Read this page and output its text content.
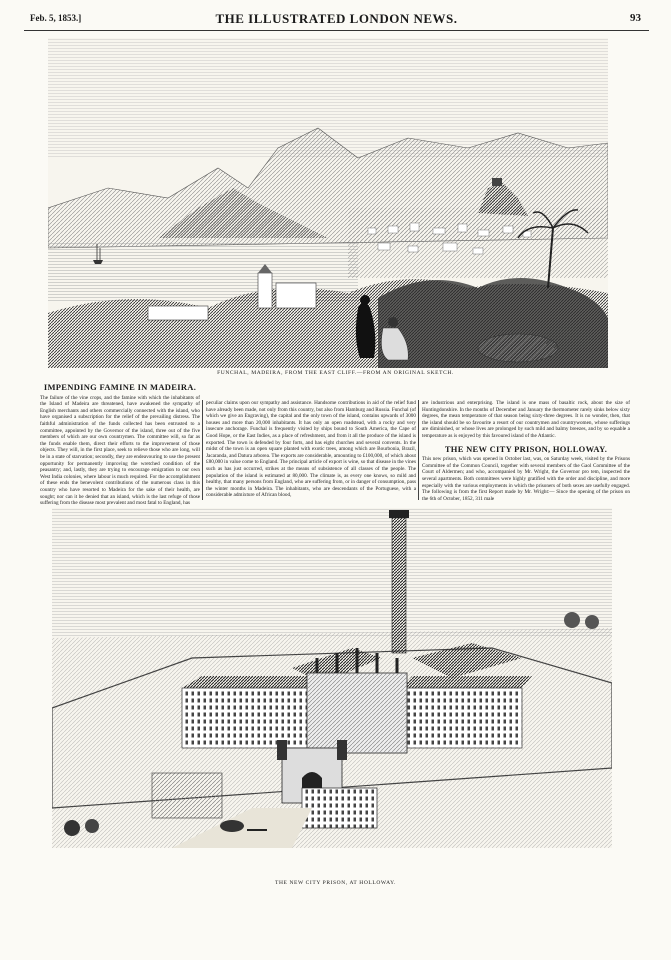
Feb. 5, 1853.]	THE ILLUSTRATED LONDON NEWS.	93
FUNCHAL, MADEIRA, FROM THE EAST CLIFF.—FROM AN ORIGINAL SKETCH.
IMPENDING FAMINE IN MADEIRA.
The failure of the vine crops, and the famine with which the inhabitants of the Island of Madeira are threatened, have awakened the sympathy of English merchants and others commercially connected with the island, who have organised a subscription for the relief of the prevailing distress. The faithful administration of the funds collected has been entrusted to a committee, appointed by the Governor of the island, three out of the five members of which are our own countrymen. The committee will, so far as the funds enable them, direct their efforts to the improvement of those objects. They will, in the first place, seek to relieve those who are long, will be in a state of starvation; secondly, they are endeavouring to use the present opportunity for permanently improving the wretched condition of the peasantry; and, lastly, they are trying to encourage emigration to our own West India colonies, where labour is much required. For the accomplishment of these ends the benevolent contributions of the numerous class in this country who have resorted to Madeira for the sake of their health, are sought; nor can it be denied that an island, which is the last refuge of those suffering from the disease most prevalent and most fatal to England, has
peculiar claims upon our sympathy and assistance. Handsome contributions in aid of the relief fund have already been made, not only from this country, but also from Hamburg and Russia. Funchal (of which we give an Engraving), the capital and the only town of the island, contains upwards of 3000 houses and more than 20,000 inhabitants. It has only an open roadstead, with a rocky and very insecure anchorage. Funchal is frequently visited by ships bound to South America, the Cape of Good Hope, or the East Indies, as a place of refreshment, and from it all the produce of the island is exported. The town is defended by four forts, and has eight churches and several convents. In the midst of the town is an open square planted with exotic trees, among which are Bourbonia, Brazil, Jacaranda, and Datura arborea. The exports are considerable, amounting to £100,000, of which about £80,000 in value come to England. The principal article of export is wine, so that disease in the vines such as has just occurred, strikes at the means of subsistence of all classes of the people. The population of the island is estimated at 80,000. The climate is, as every one knows, so mild and healthy, that many persons from England, who are suffering from, or in danger of consumption, pass the winter months in Madeira. The inhabitants, who are descendants of the Portuguese, with a considerable admixture of African blood,
are industrious and enterprising. The island is one mass of basaltic rock, about the size of Huntingdonshire. In the months of December and January the thermometer rarely sinks below sixty degrees, the mean temperature of that season being sixty-three degrees. It is no wonder, then, that the island should be so favourite a resort of our countrymen and countrywomen, whose sufferings are diminished, or whose lives are prolonged by such mild and balmy breezes, and by so equable a temperature as is enjoyed by this favoured island of the Atlantic.
THE NEW CITY PRISON, HOLLOWAY.
This new prison, which was opened in October last, was, on Saturday week, visited by the Prisons Committee of the Common Council, together with several members of the Gaol Committee of the Court of Aldermen; and who, accompanied by Mr. Wright, the Governor pro tem, inspected the several apartments. Both committees were highly gratified with the order and discipline, and more especially with the various employments in which the prisoners of both sexes are usefully engaged. The following is from the first Report made by Mr. Wright:— Since the opening of the prison on the 6th of October, 1852, 311 male
THE NEW CITY PRISON, AT HOLLOWAY.
